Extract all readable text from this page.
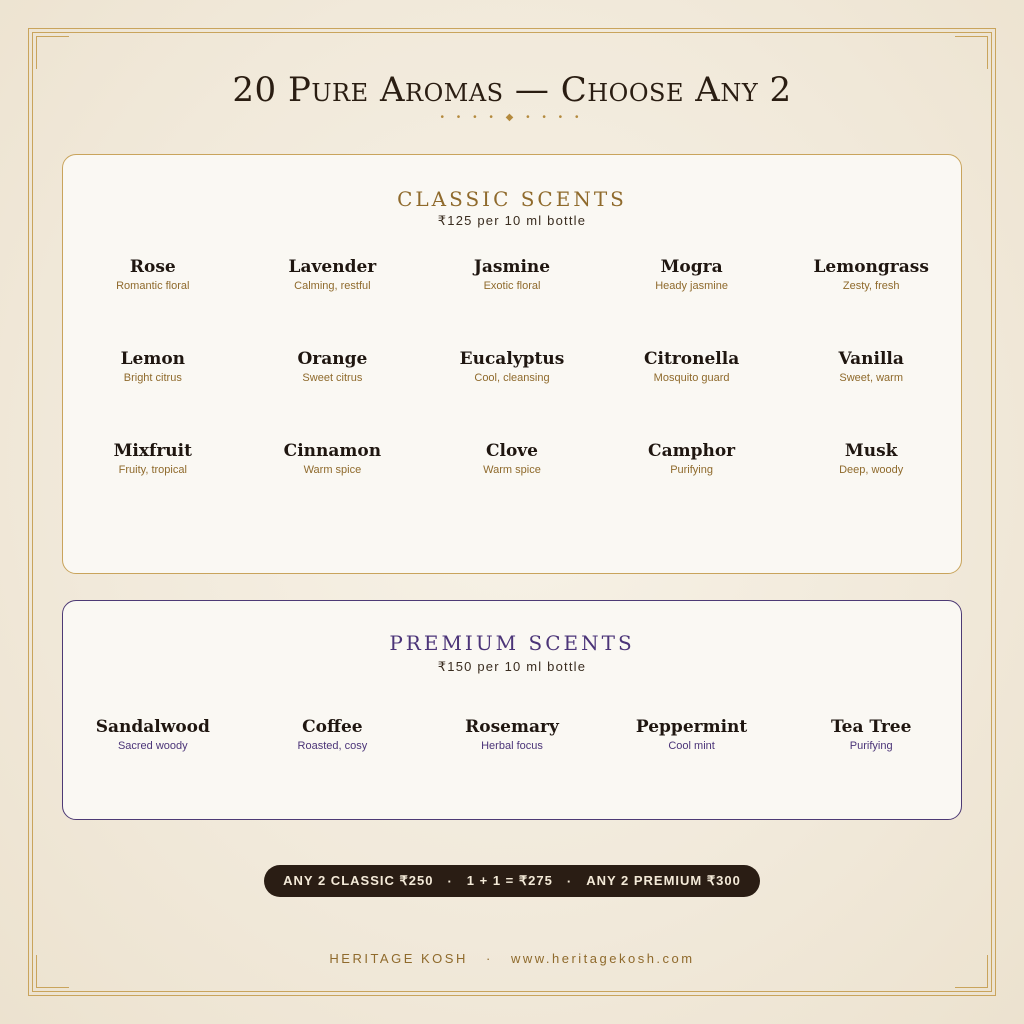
20 Pure Aromas — Choose Any 2
• • • • ◆ • • • •
CLASSIC SCENTS
₹125 per 10 ml bottle
Rose
Romantic floral
Lavender
Calming, restful
Jasmine
Exotic floral
Mogra
Heady jasmine
Lemongrass
Zesty, fresh
Lemon
Bright citrus
Orange
Sweet citrus
Eucalyptus
Cool, cleansing
Citronella
Mosquito guard
Vanilla
Sweet, warm
Mixfruit
Fruity, tropical
Cinnamon
Warm spice
Clove
Warm spice
Camphor
Purifying
Musk
Deep, woody
PREMIUM SCENTS
₹150 per 10 ml bottle
Sandalwood
Sacred woody
Coffee
Roasted, cosy
Rosemary
Herbal focus
Peppermint
Cool mint
Tea Tree
Purifying
ANY 2 CLASSIC ₹250 · 1 + 1 = ₹275 · ANY 2 PREMIUM ₹300
HERITAGE KOSH · www.heritagekosh.com
